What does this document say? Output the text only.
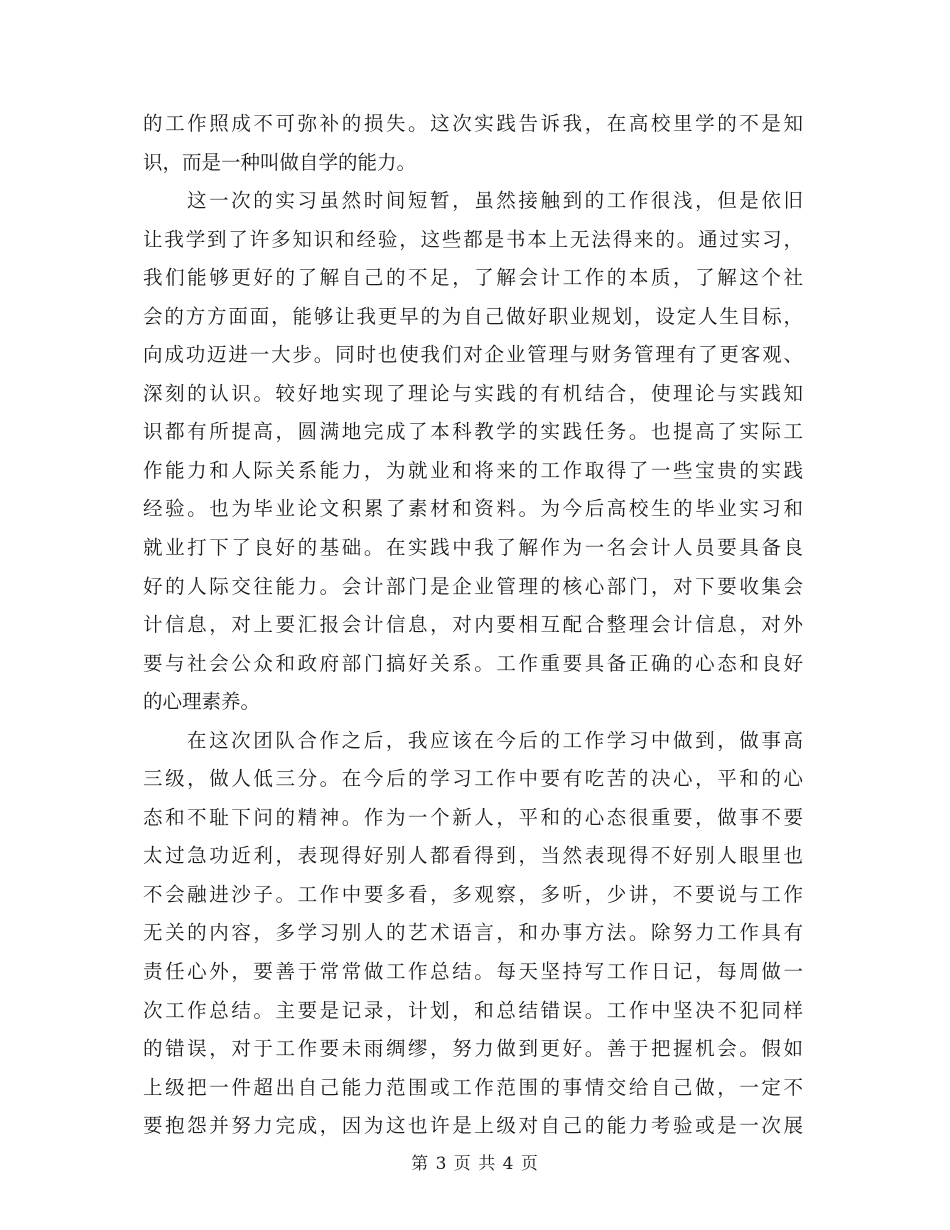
的工作照成不可弥补的损失。这次实践告诉我，在高校里学的不是知
识，而是一种叫做自学的能力。
这一次的实习虽然时间短暂，虽然接触到的工作很浅，但是依旧
让我学到了许多知识和经验，这些都是书本上无法得来的。通过实习，
我们能够更好的了解自己的不足，了解会计工作的本质，了解这个社
会的方方面面，能够让我更早的为自己做好职业规划，设定人生目标，
向成功迈进一大步。同时也使我们对企业管理与财务管理有了更客观、
深刻的认识。较好地实现了理论与实践的有机结合，使理论与实践知
识都有所提高，圆满地完成了本科教学的实践任务。也提高了实际工
作能力和人际关系能力，为就业和将来的工作取得了一些宝贵的实践
经验。也为毕业论文积累了素材和资料。为今后高校生的毕业实习和
就业打下了良好的基础。在实践中我了解作为一名会计人员要具备良
好的人际交往能力。会计部门是企业管理的核心部门，对下要收集会
计信息，对上要汇报会计信息，对内要相互配合整理会计信息，对外
要与社会公众和政府部门搞好关系。工作重要具备正确的心态和良好
的心理素养。
在这次团队合作之后，我应该在今后的工作学习中做到，做事高
三级，做人低三分。在今后的学习工作中要有吃苦的决心，平和的心
态和不耻下问的精神。作为一个新人，平和的心态很重要，做事不要
太过急功近利，表现得好别人都看得到，当然表现得不好别人眼里也
不会融进沙子。工作中要多看，多观察，多听，少讲，不要说与工作
无关的内容，多学习别人的艺术语言，和办事方法。除努力工作具有
责任心外，要善于常常做工作总结。每天坚持写工作日记，每周做一
次工作总结。主要是记录，计划，和总结错误。工作中坚决不犯同样
的错误，对于工作要未雨绸缪，努力做到更好。善于把握机会。假如
上级把一件超出自己能力范围或工作范围的事情交给自己做，一定不
要抱怨并努力完成，因为这也许是上级对自己的能力考验或是一次展
第 3 页 共 4 页
